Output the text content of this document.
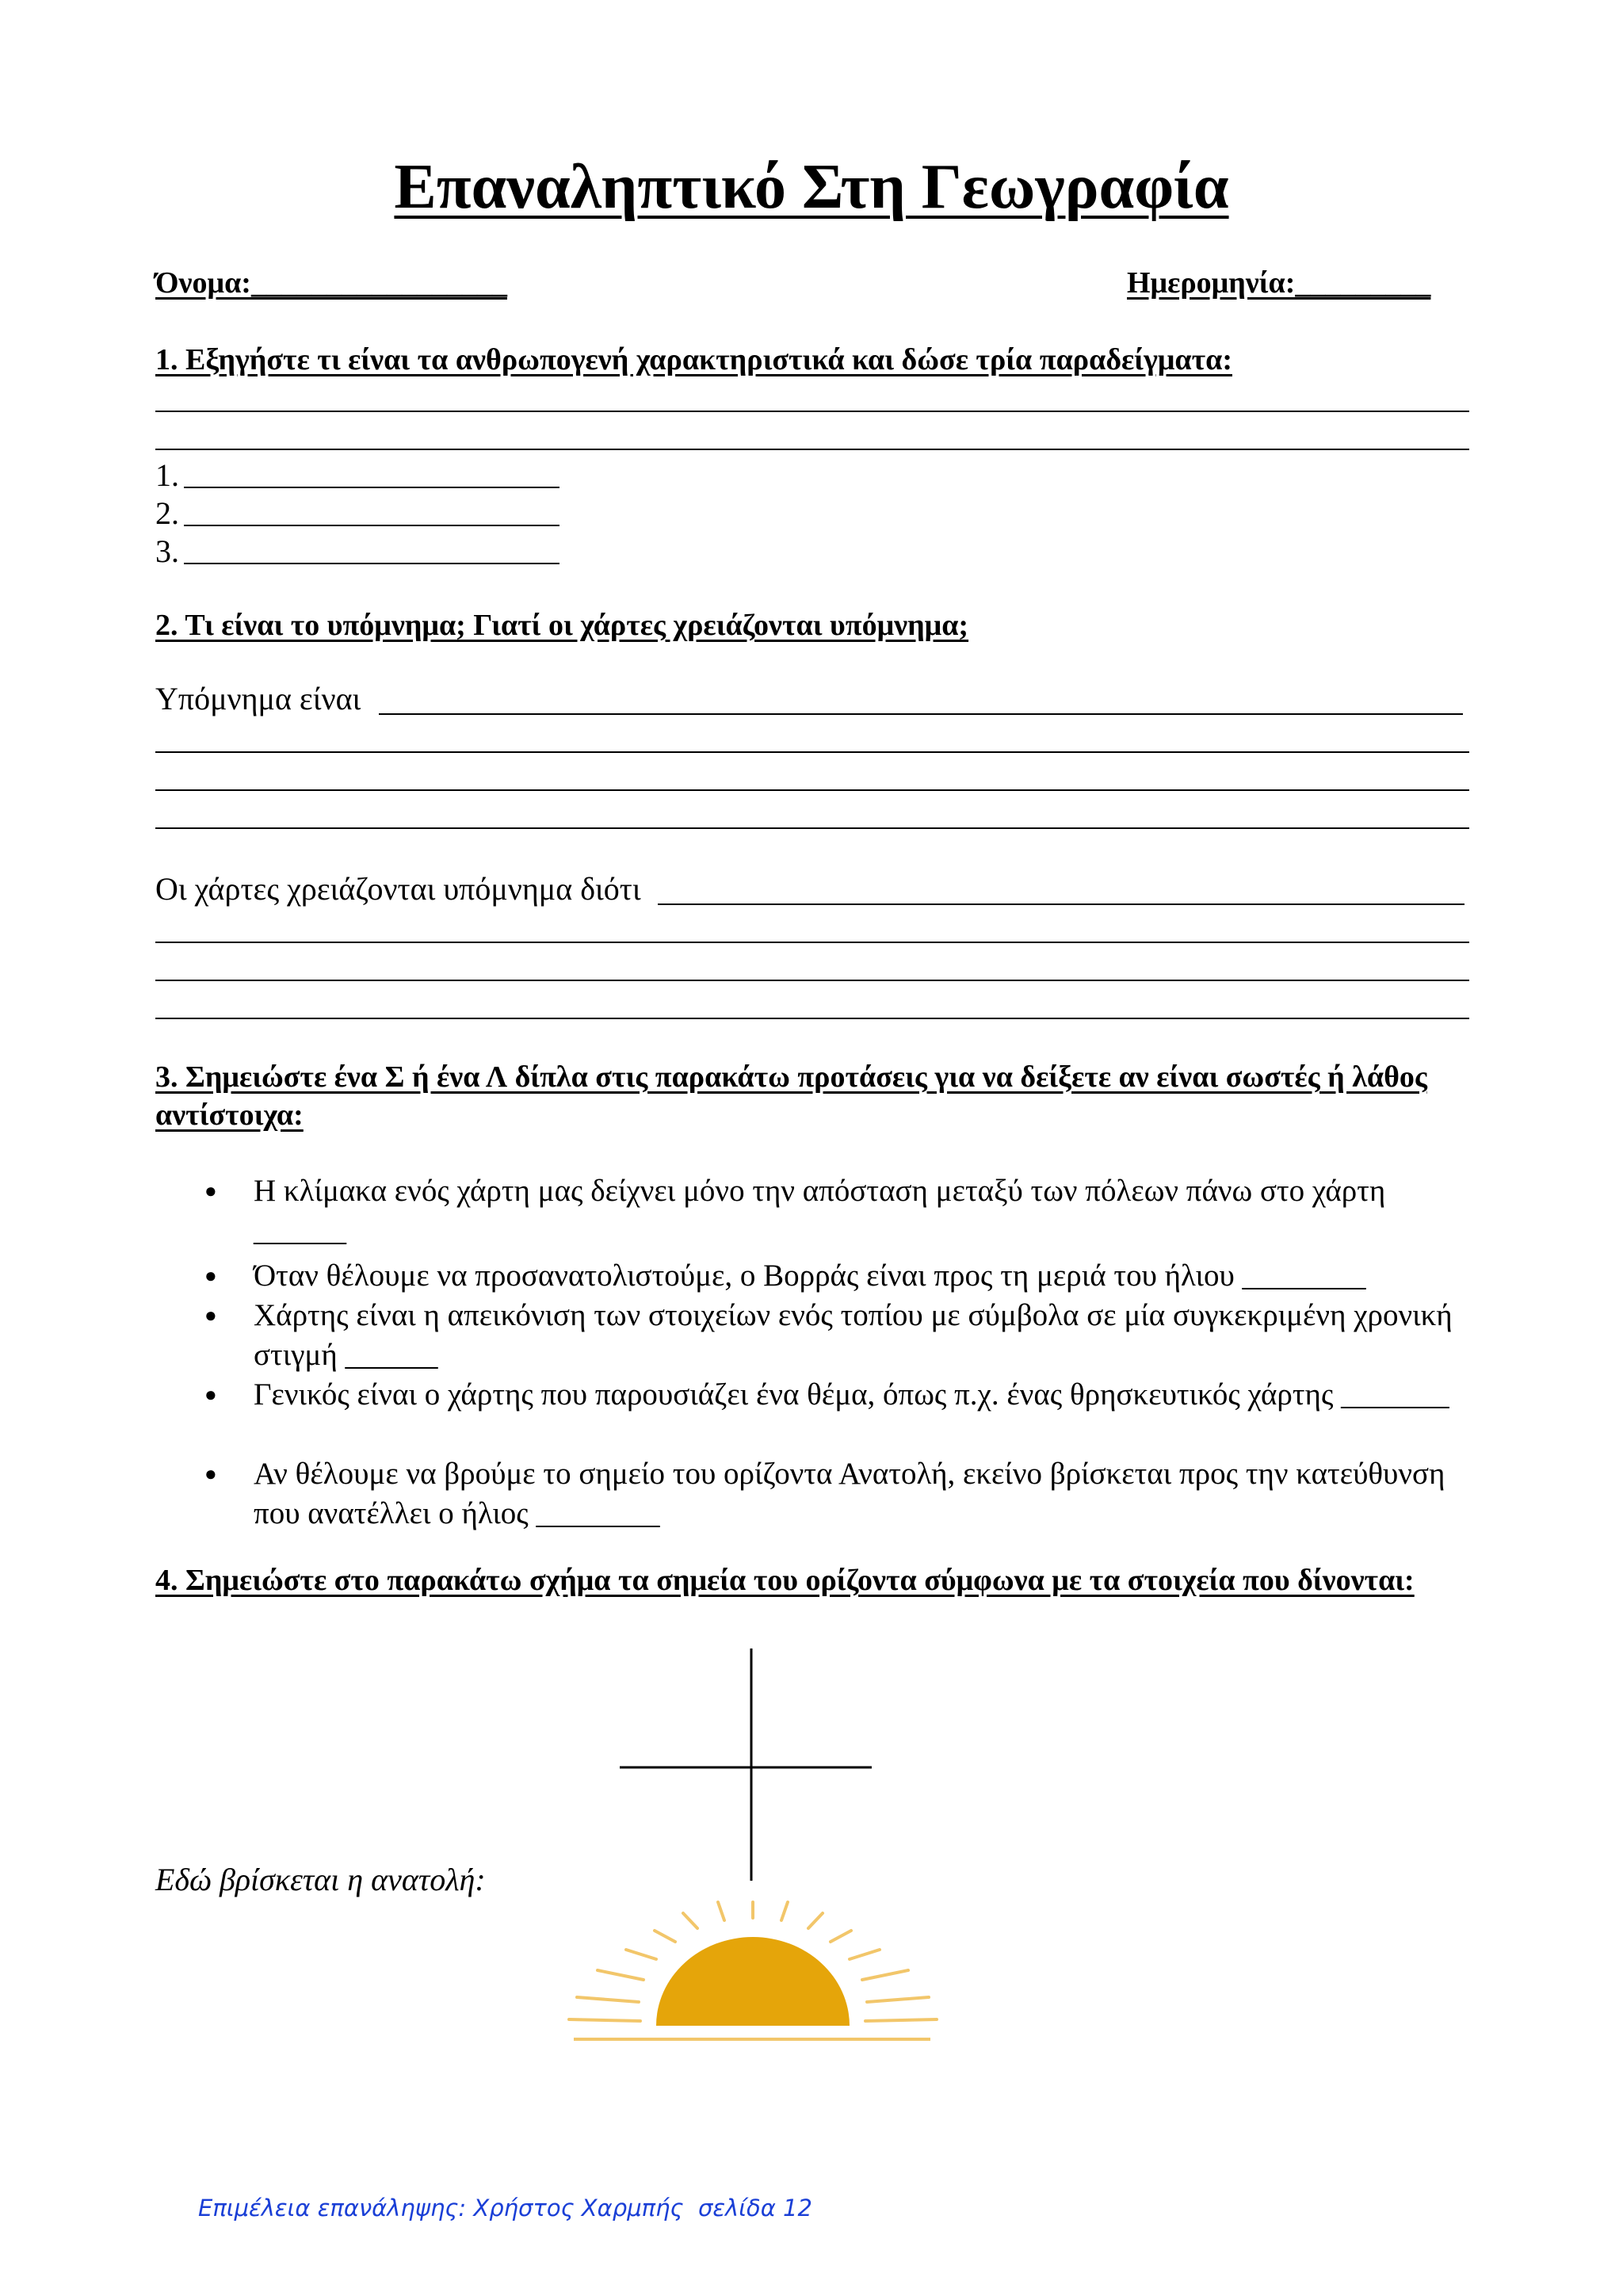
Επαναληπτικό Στη Γεωγραφία
Όνομα:_________________	Ημερομηνία:_________
1. Εξηγήστε τι είναι τα ανθρωπογενή χαρακτηριστικά και δώσε τρία παραδείγματα:
1.
2.
3.
2. Τι είναι το υπόμνημα; Γιατί οι χάρτες χρειάζονται υπόμνημα;
Υπόμνημα είναι
Οι χάρτες χρειάζονται υπόμνημα διότι
3. Σημειώστε ένα Σ ή ένα Λ δίπλα στις παρακάτω προτάσεις για να δείξετε αν είναι σωστές ή λάθος αντίστοιχα:
● Η κλίμακα ενός χάρτη μας δείχνει μόνο την απόσταση μεταξύ των πόλεων πάνω στο χάρτη ______
● Όταν θέλουμε να προσανατολιστούμε, ο Βορράς είναι προς τη μεριά του ήλιου ________
● Χάρτης είναι η απεικόνιση των στοιχείων ενός τοπίου με σύμβολα σε μία συγκεκριμένη χρονική στιγμή ______
● Γενικός είναι ο χάρτης που παρουσιάζει ένα θέμα, όπως π.χ. ένας θρησκευτικός χάρτης _______
● Αν θέλουμε να βρούμε το σημείο του ορίζοντα Ανατολή, εκείνο βρίσκεται προς την κατεύθυνση που ανατέλλει ο ήλιος ________
4. Σημειώστε στο παρακάτω σχήμα τα σημεία του ορίζοντα σύμφωνα με τα στοιχεία που δίνονται:
Εδώ βρίσκεται η ανατολή:
Επιμέλεια επανάληψης: Χρήστος Χαρμπής  σελίδα 12
